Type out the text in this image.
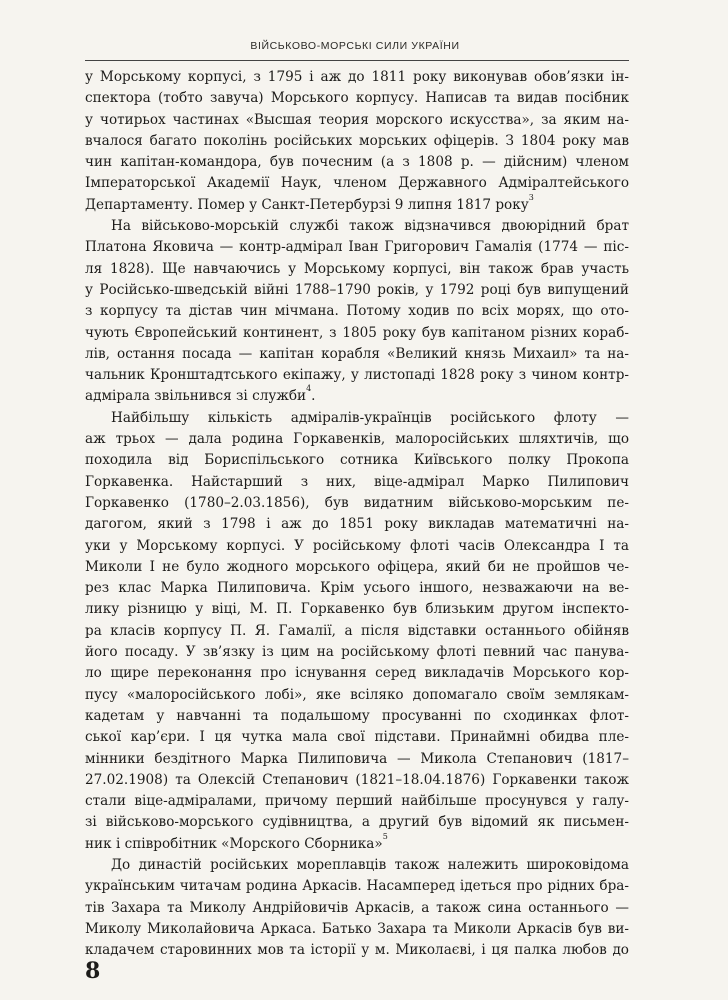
ВІЙСЬКОВО-МОРСЬКІ СИЛИ УКРАЇНИ
у Морському корпусі, з 1795 і аж до 1811 року виконував обов’язки ін-
спектора (тобто завуча) Морського корпусу. Написав та видав посібник
у чотирьох частинах «Высшая теория морского искусства», за яким на-
вчалося багато поколінь російських морських офіцерів. З 1804 року мав
чин капітан-командора, був почесним (а з 1808 р. — дійсним) членом
Імператорської Академії Наук, членом Державного Адміралтейського
Департаменту. Помер у Санкт-Петербурзі 9 липня 1817 року$^3$
На військово-морській службі також відзначився двоюрідний брат
Платона Яковича — контр-адмірал Іван Григорович Гамалія (1774 — піс-
ля 1828). Ще навчаючись у Морському корпусі, він також брав участь
у Російсько-шведській війні 1788–1790 років, у 1792 році був випущений
з корпусу та дістав чин мічмана. Потому ходив по всіх морях, що ото-
чують Європейський континент, з 1805 року був капітаном різних кораб-
лів, остання посада — капітан корабля «Великий князь Михаил» та на-
чальник Кронштадтського екіпажу, у листопаді 1828 року з чином контр-
адмірала звільнився зі служби$^4$.
Найбільшу кількість адміралів-українців російського флоту —
аж трьох — дала родина Горкавенків, малоросійських шляхтичів, що
походила від Бориспільського сотника Київського полку Прокопа
Горкавенка. Найстарший з них, віце-адмірал Марко Пилипович
Горкавенко (1780–2.03.1856), був видатним військово-морським пе-
дагогом, який з 1798 і аж до 1851 року викладав математичні на-
уки у Морському корпусі. У російському флоті часів Олександра І та
Миколи І не було жодного морського офіцера, який би не пройшов че-
рез клас Марка Пилиповича. Крім усього іншого, незважаючи на ве-
лику різницю у віці, М. П. Горкавенко був близьким другом інспекто-
ра класів корпусу П. Я. Гамалії, а після відставки останнього обійняв
його посаду. У зв’язку із цим на російському флоті певний час панува-
ло щире переконання про існування серед викладачів Морського кор-
пусу «малоросійського лобі», яке всіляко допомагало своїм землякам-
кадетам у навчанні та подальшому просуванні по сходинках флот-
ської кар’єри. І ця чутка мала свої підстави. Принаймні обидва пле-
мінники бездітного Марка Пилиповича — Микола Степанович (1817–
27.02.1908) та Олексій Степанович (1821–18.04.1876) Горкавенки також
стали віце-адміралами, причому перший найбільше просунувся у галу-
зі військово-морського судівництва, а другий був відомий як письмен-
ник і співробітник «Морского Сборника»$^5$
До династій російських мореплавців також належить широковідома
українським читачам родина Аркасів. Насамперед ідеться про рідних бра-
тів Захара та Миколу Андрійовичів Аркасів, а також сина останнього —
Миколу Миколайовича Аркаса. Батько Захара та Миколи Аркасів був ви-
кладачем старовинних мов та історії у м. Миколаєві, і ця палка любов до
8
